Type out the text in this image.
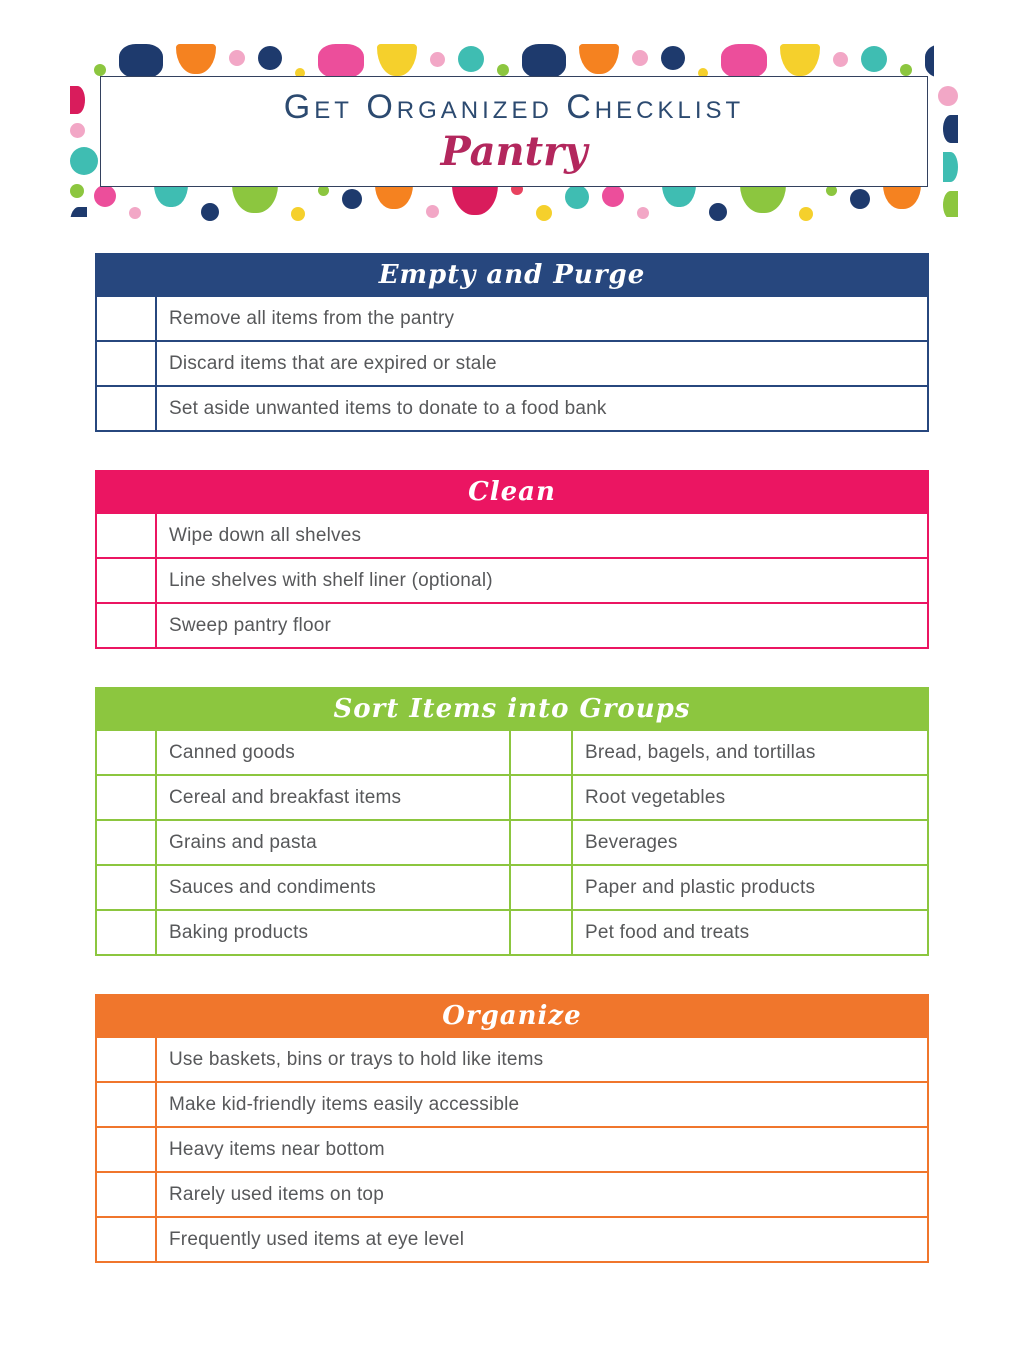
Get Organized Checklist
Pantry
Empty and Purge
Remove all items from the pantry
Discard items that are expired or stale
Set aside unwanted items to donate to a food bank
Clean
Wipe down all shelves
Line shelves with shelf liner (optional)
Sweep pantry floor
Sort Items into Groups
Canned goods	Bread, bagels, and tortillas
Cereal and breakfast items	Root vegetables
Grains and pasta	Beverages
Sauces and condiments	Paper and plastic products
Baking products	Pet food and treats
Organize
Use baskets, bins or trays to hold like items
Make kid-friendly items easily accessible
Heavy items near bottom
Rarely used items on top
Frequently used items at eye level
